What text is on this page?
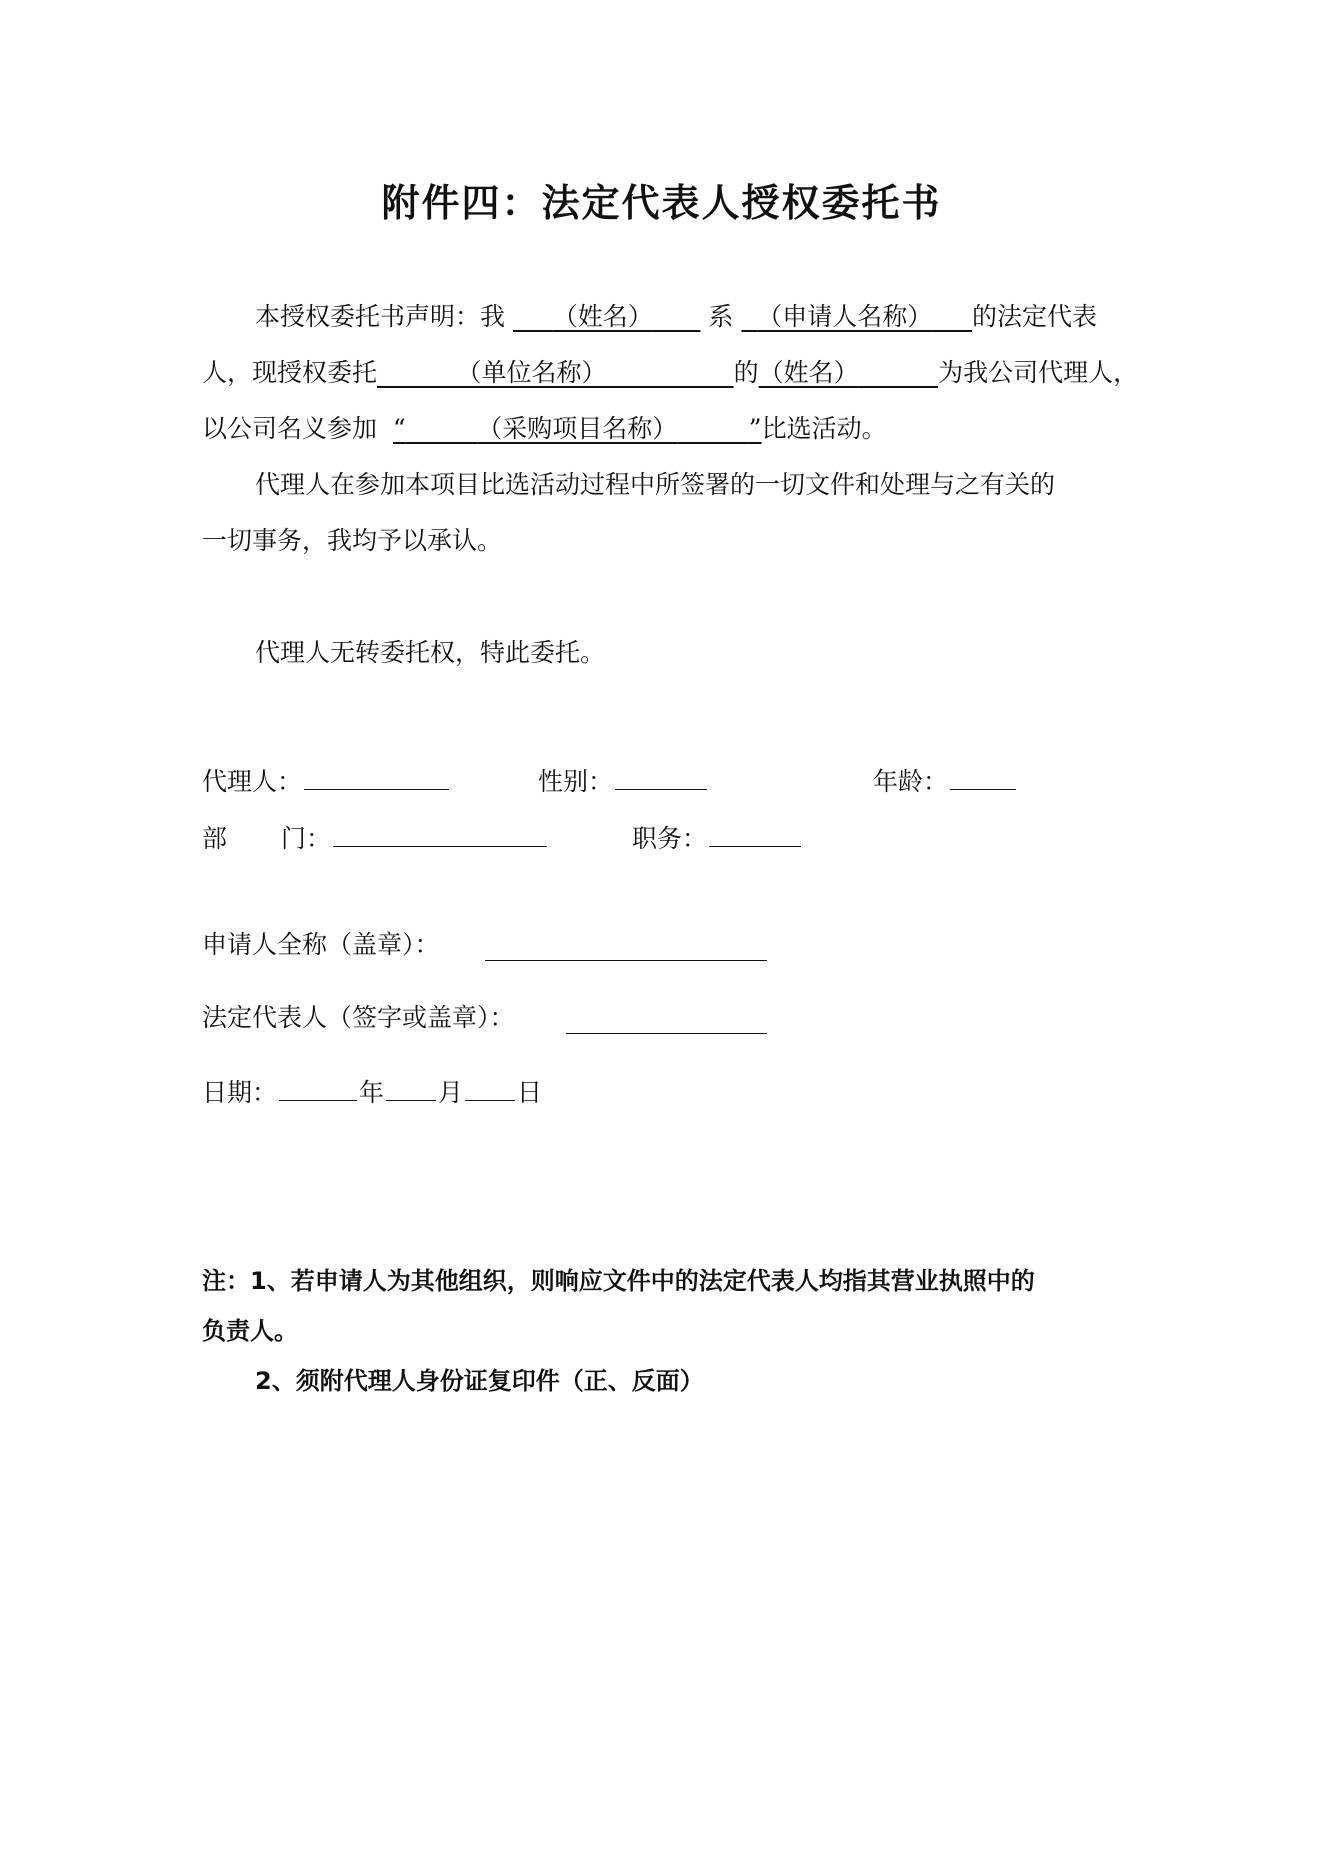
附件四：法定代表人授权委托书
本授权委托书声明：我 （姓名） 系 （申请人名称） 的法定代表
人，现授权委托	（单位名称）	的（姓名）	为我公司代理人，
以公司名义参加 “	（采购项目名称）	”比选活动。
代理人在参加本项目比选活动过程中所签署的一切文件和处理与之有关的
一切事务，我均予以承认。
代理人无转委托权，特此委托。
代理人：	性别：	年龄：
部 门：	职务：
申请人全称（盖章）：
法定代表人（签字或盖章）：
日期：	年 月 日
注：1、若申请人为其他组织，则响应文件中的法定代表人均指其营业执照中的
负责人。
2、须附代理人身份证复印件（正、反面）
